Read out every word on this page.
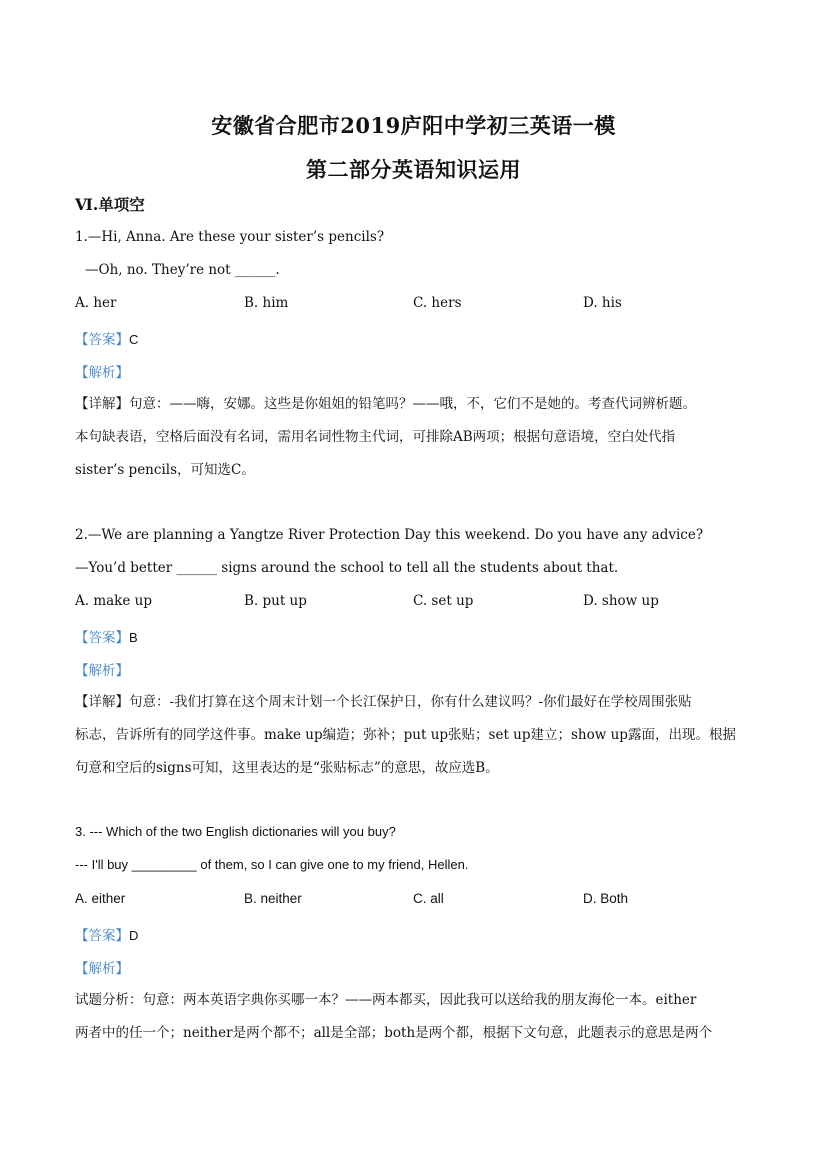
安徽省合肥市2019庐阳中学初三英语一模
第二部分英语知识运用
Ⅵ.单项空
1.—Hi, Anna. Are these your sister’s pencils?
—Oh, no. They’re not ______.
A. her	B. him	C. hers	D. his
【答案】C
【解析】
【详解】句意：——嗨，安娜。这些是你姐姐的铅笔吗？——哦，不，它们不是她的。考查代词辨析题。
本句缺表语，空格后面没有名词，需用名词性物主代词，可排除AB两项；根据句意语境，空白处代指
sister’s pencils，可知选C。
2.—We are planning a Yangtze River Protection Day this weekend. Do you have any advice?
—You’d better ______ signs around the school to tell all the students about that.
A. make up	B. put up	C. set up	D. show up
【答案】B
【解析】
【详解】句意：-我们打算在这个周末计划一个长江保护日，你有什么建议吗？-你们最好在学校周围张贴
标志，告诉所有的同学这件事。make up编造；弥补；put up张贴；set up建立；show up露面，出现。根据
句意和空后的signs可知，这里表达的是“张贴标志”的意思，故应选B。
3. --- Which of the two English dictionaries will you buy?
--- I'll buy _________ of them, so I can give one to my friend, Hellen.
A. either	B. neither	C. all	D. Both
【答案】D
【解析】
试题分析：句意：两本英语字典你买哪一本？——两本都买，因此我可以送给我的朋友海伦一本。either
两者中的任一个；neither是两个都不；all是全部；both是两个都，根据下文句意，此题表示的意思是两个
